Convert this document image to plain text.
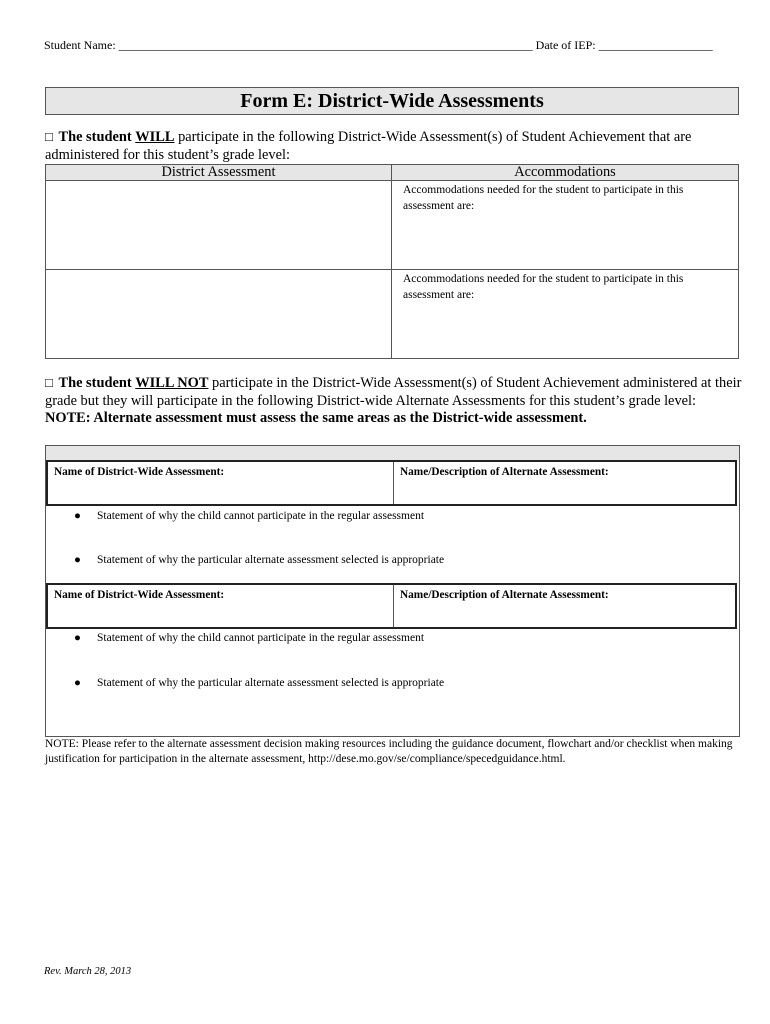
Student Name: _____________________________________________________________________ Date of IEP: ___________________
Form E: District-Wide Assessments
□ The student WILL participate in the following District-Wide Assessment(s) of Student Achievement that are administered for this student’s grade level:
District Assessment	Accommodations
	Accommodations needed for the student to participate in this assessment are:
	Accommodations needed for the student to participate in this assessment are:
□ The student WILL NOT participate in the District-Wide Assessment(s) of Student Achievement administered at their grade but they will participate in the following District-wide Alternate Assessments for this student’s grade level: NOTE: Alternate assessment must assess the same areas as the District-wide assessment.
Name of District-Wide Assessment:	Name/Description of Alternate Assessment:
● Statement of why the child cannot participate in the regular assessment
● Statement of why the particular alternate assessment selected is appropriate
Name of District-Wide Assessment:	Name/Description of Alternate Assessment:
● Statement of why the child cannot participate in the regular assessment
● Statement of why the particular alternate assessment selected is appropriate
NOTE: Please refer to the alternate assessment decision making resources including the guidance document, flowchart and/or checklist when making justification for participation in the alternate assessment, http://dese.mo.gov/se/compliance/specedguidance.html.
Rev. March 28, 2013
